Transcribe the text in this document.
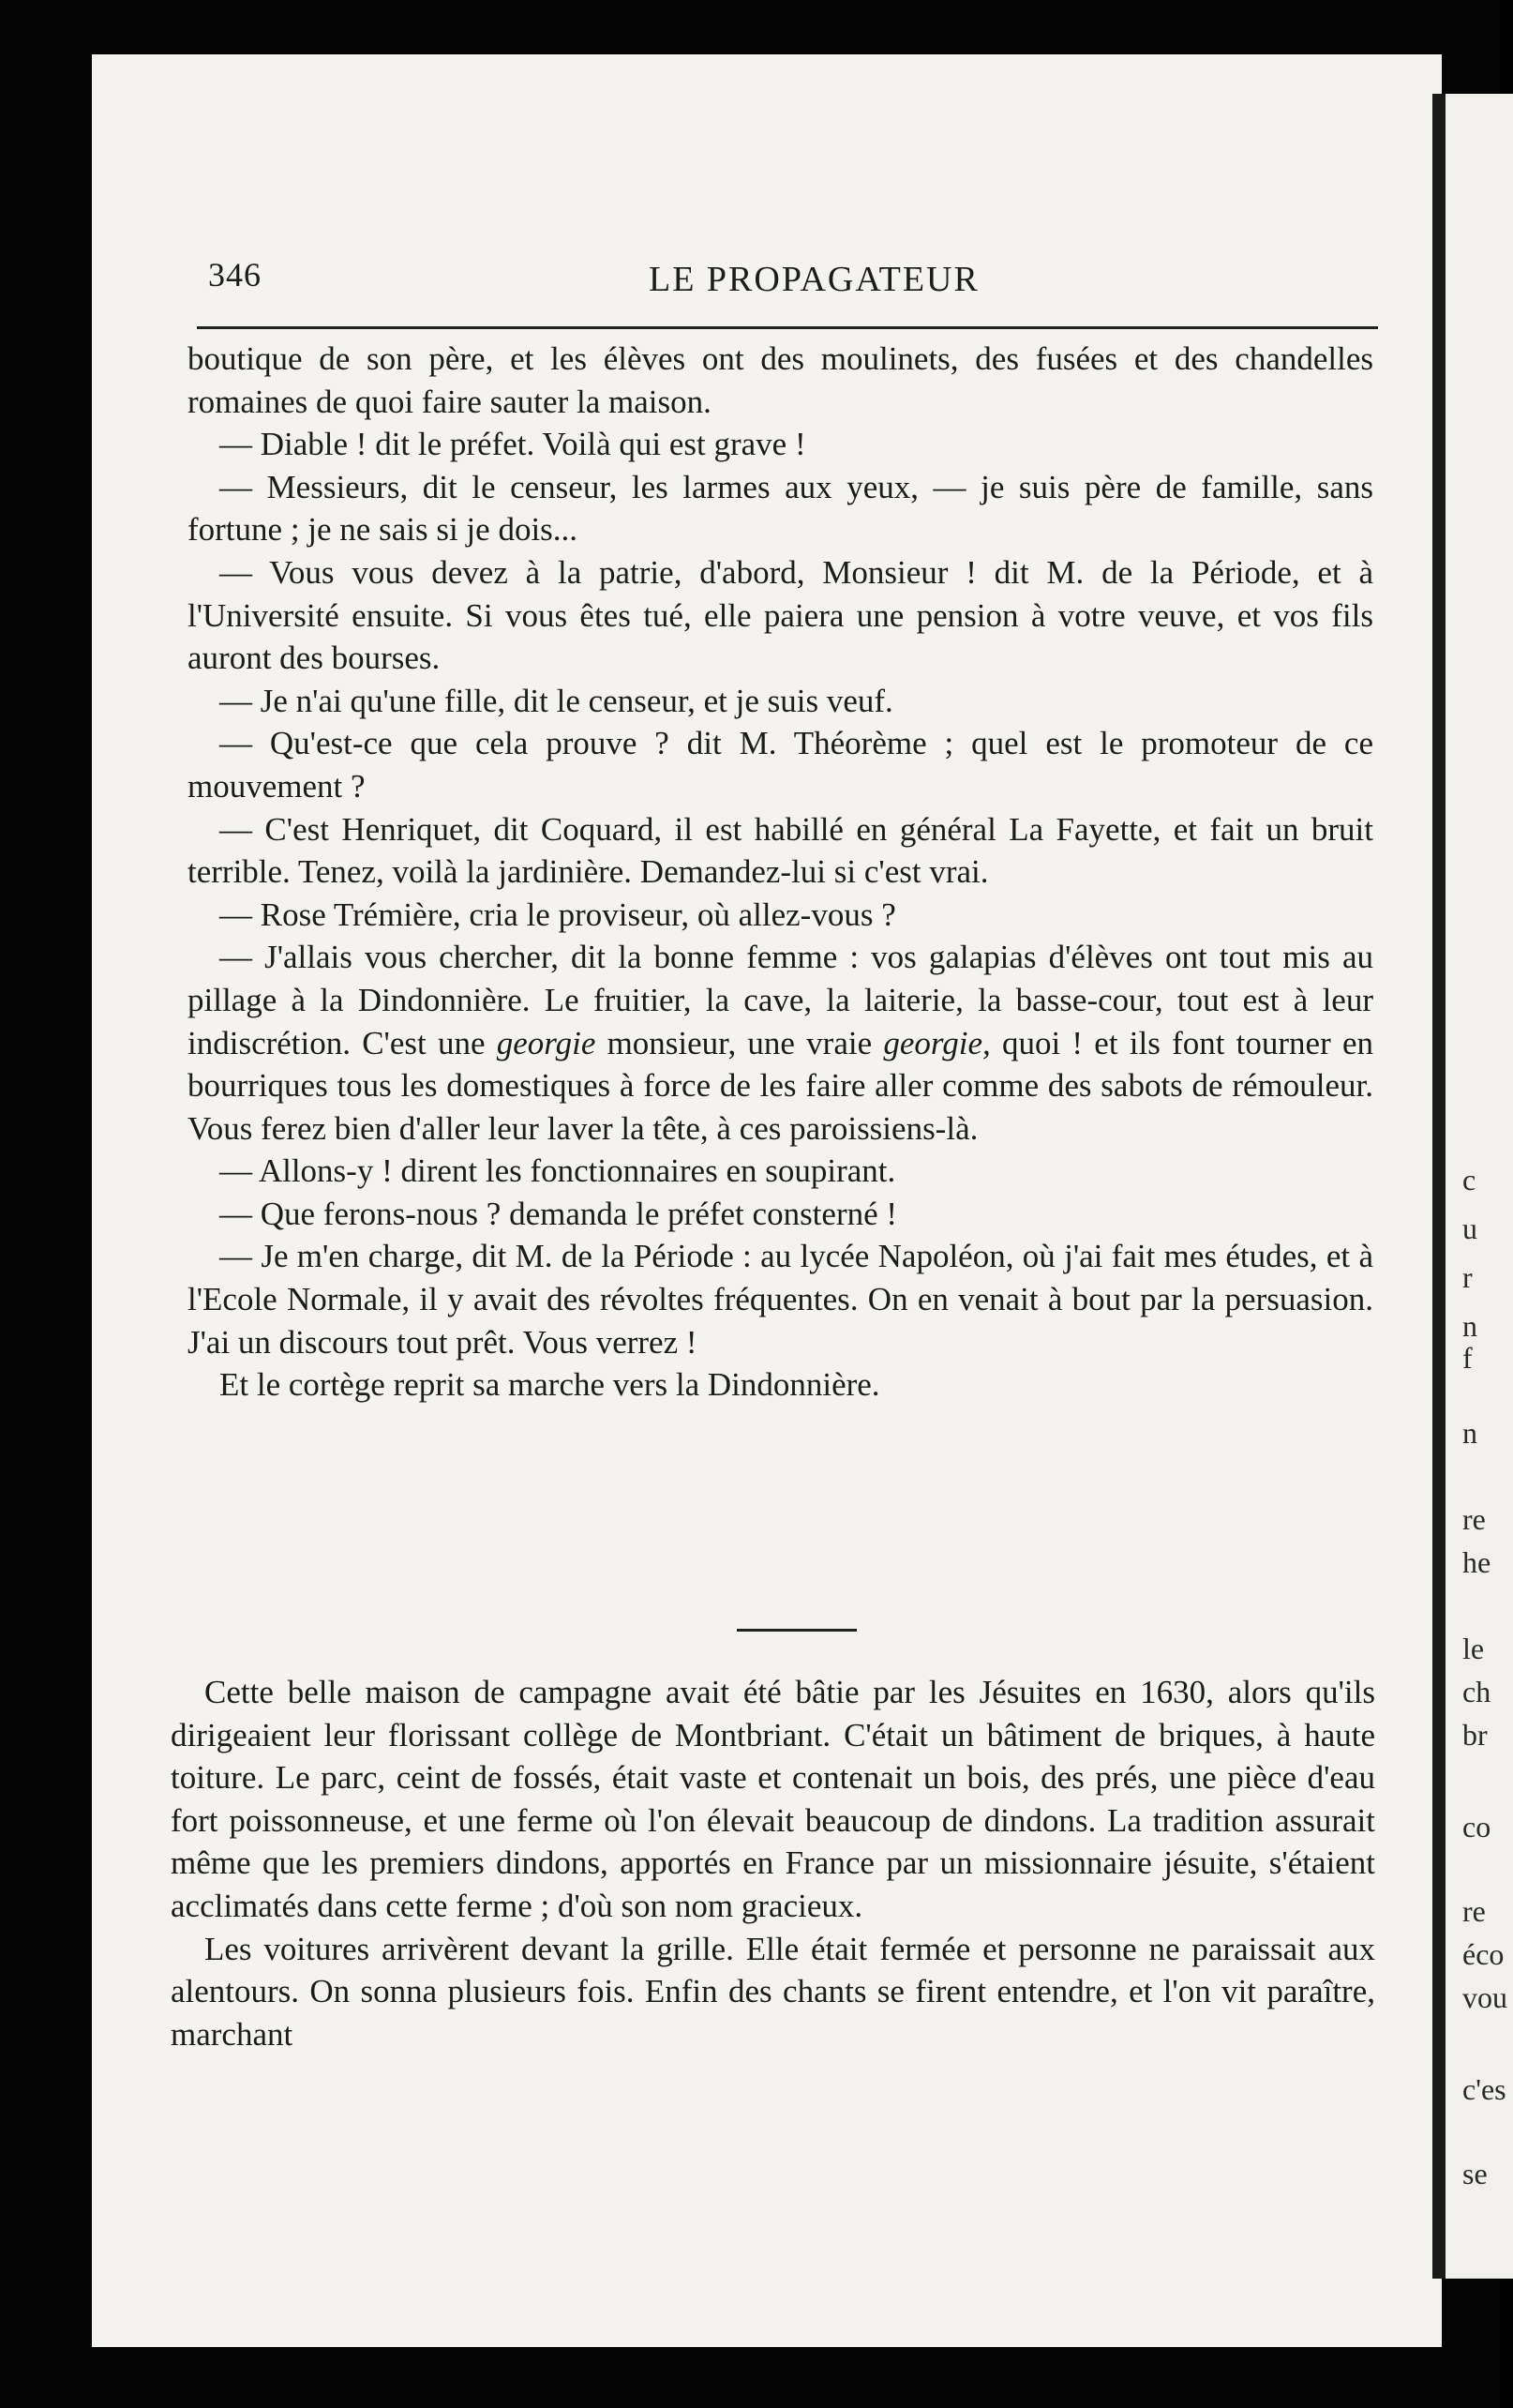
346	LE PROPAGATEUR

boutique de son père, et les élèves ont des moulinets, des fusées et des chandelles romaines de quoi faire sauter la maison.

— Diable ! dit le préfet. Voilà qui est grave !

— Messieurs, dit le censeur, les larmes aux yeux, — je suis père de famille, sans fortune ; je ne sais si je dois...

— Vous vous devez à la patrie, d'abord, Monsieur ! dit M. de la Période, et à l'Université ensuite. Si vous êtes tué, elle paiera une pension à votre veuve, et vos fils auront des bourses.

— Je n'ai qu'une fille, dit le censeur, et je suis veuf.

— Qu'est-ce que cela prouve ? dit M. Théorème ; quel est le promoteur de ce mouvement ?

— C'est Henriquet, dit Coquard, il est habillé en général La Fayette, et fait un bruit terrible. Tenez, voilà la jardinière. Demandez-lui si c'est vrai.

— Rose Trémière, cria le proviseur, où allez-vous ?

— J'allais vous chercher, dit la bonne femme : vos galapias d'élèves ont tout mis au pillage à la Dindonnière. Le fruitier, la cave, la laiterie, la basse-cour, tout est à leur indiscrétion. C'est une georgie monsieur, une vraie georgie, quoi ! et ils font tourner en bourriques tous les domestiques à force de les faire aller comme des sabots de rémouleur. Vous ferez bien d'aller leur laver la tête, à ces paroissiens-là.

— Allons-y ! dirent les fonctionnaires en soupirant.

— Que ferons-nous ? demanda le préfet consterné !

— Je m'en charge, dit M. de la Période : au lycée Napoléon, où j'ai fait mes études, et à l'Ecole Normale, il y avait des révoltes fréquentes. On en venait à bout par la persuasion. J'ai un discours tout prêt. Vous verrez !

Et le cortège reprit sa marche vers la Dindonnière.

Cette belle maison de campagne avait été bâtie par les Jésuites en 1630, alors qu'ils dirigeaient leur florissant collège de Montbriant. C'était un bâtiment de briques, à haute toiture. Le parc, ceint de fossés, était vaste et contenait un bois, des prés, une pièce d'eau fort poissonneuse, et une ferme où l'on élevait beaucoup de dindons. La tradition assurait même que les premiers dindons, apportés en France par un missionnaire jésuite, s'étaient acclimatés dans cette ferme ; d'où son nom gracieux.

Les voitures arrivèrent devant la grille. Elle était fermée et personne ne paraissait aux alentours. On sonna plusieurs fois. Enfin des chants se firent entendre, et l'on vit paraître, marchant

c
u
r
n
f
n
re
he
le
ch
br
co
re
éco
vou
c'es
se
